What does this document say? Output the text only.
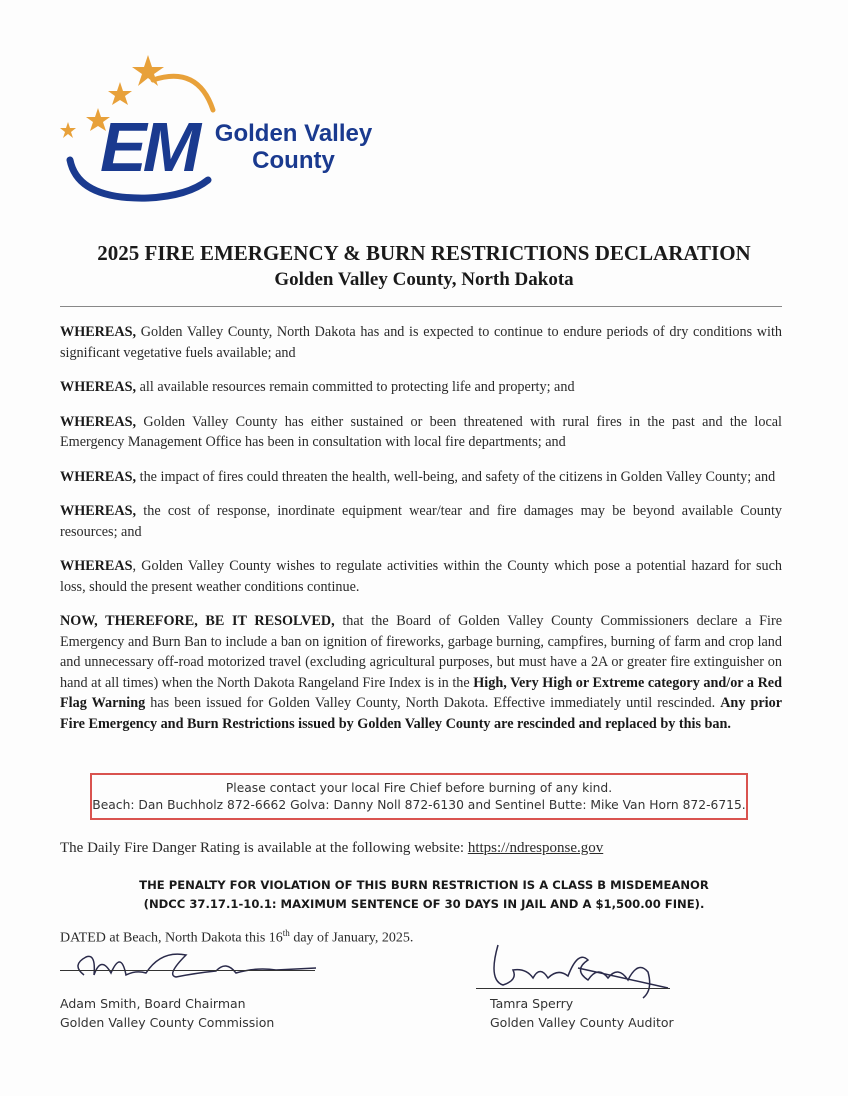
EM Golden Valley
County
2025 FIRE EMERGENCY & BURN RESTRICTIONS DECLARATION
Golden Valley County, North Dakota

WHEREAS, Golden Valley County, North Dakota has and is expected to continue to endure periods of dry conditions with significant vegetative fuels available; and

WHEREAS, all available resources remain committed to protecting life and property; and

WHEREAS, Golden Valley County has either sustained or been threatened with rural fires in the past and the local Emergency Management Office has been in consultation with local fire departments; and

WHEREAS, the impact of fires could threaten the health, well-being, and safety of the citizens in Golden Valley County; and

WHEREAS, the cost of response, inordinate equipment wear/tear and fire damages may be beyond available County resources; and

WHEREAS, Golden Valley County wishes to regulate activities within the County which pose a potential hazard for such loss, should the present weather conditions continue.

NOW, THEREFORE, BE IT RESOLVED, that the Board of Golden Valley County Commissioners declare a Fire Emergency and Burn Ban to include a ban on ignition of fireworks, garbage burning, campfires, burning of farm and crop land and unnecessary off-road motorized travel (excluding agricultural purposes, but must have a 2A or greater fire extinguisher on hand at all times) when the North Dakota Rangeland Fire Index is in the High, Very High or Extreme category and/or a Red Flag Warning has been issued for Golden Valley County, North Dakota. Effective immediately until rescinded. Any prior Fire Emergency and Burn Restrictions issued by Golden Valley County are rescinded and replaced by this ban.

Please contact your local Fire Chief before burning of any kind.
Beach: Dan Buchholz 872-6662 Golva: Danny Noll 872-6130 and Sentinel Butte: Mike Van Horn 872-6715.
The Daily Fire Danger Rating is available at the following website: https://ndresponse.gov
THE PENALTY FOR VIOLATION OF THIS BURN RESTRICTION IS A CLASS B MISDEMEANOR
(NDCC 37.17.1-10.1: MAXIMUM SENTENCE OF 30 DAYS IN JAIL AND A $1,500.00 FINE).
DATED at Beach, North Dakota this 16th day of January, 2025.
Adam Smith, Board Chairman
Golden Valley County Commission
Tamra Sperry
Golden Valley County Auditor
